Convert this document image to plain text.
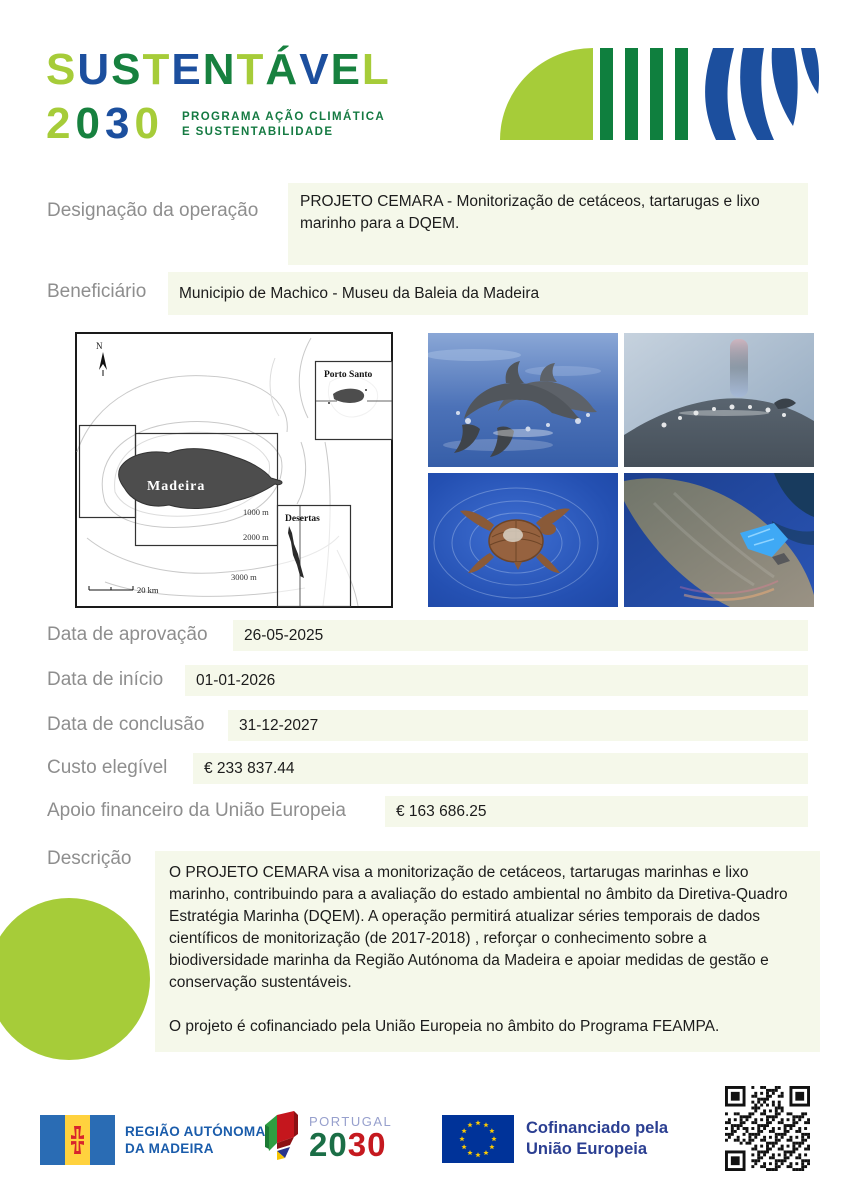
SUSTENTÁVEL
2030 PROGRAMA AÇÃO CLIMÁTICA
E SUSTENTABILIDADE
Designação da operação	PROJETO CEMARA - Monitorização de cetáceos, tartarugas e lixo marinho para a DQEM.
Beneficiário	Municipio de Machico - Museu da Baleia da Madeira
N
Porto Santo
Desertas
Madeira
1000 m
2000 m
3000 m
20 km
Data de aprovação	26-05-2025
Data de início	01-01-2026
Data de conclusão	31-12-2027
Custo elegível	€ 233 837.44
Apoio financeiro da União Europeia	€ 163 686.25
Descrição

O PROJETO CEMARA visa a monitorização de cetáceos, tartarugas marinhas e lixo marinho, contribuindo para a avaliação do estado ambiental no âmbito da Diretiva-Quadro Estratégia Marinha (DQEM). A operação permitirá atualizar séries temporais de dados científicos de monitorização (de 2017-2018) , reforçar o conhecimento sobre a biodiversidade marinha da Região Autónoma da Madeira e apoiar medidas de gestão e conservação sustentáveis.

O projeto é cofinanciado pela União Europeia no âmbito do Programa FEAMPA.

REGIÃO AUTÓNOMA
DA MADEIRA
PORTUGAL
2030	Cofinanciado pela
União Europeia
